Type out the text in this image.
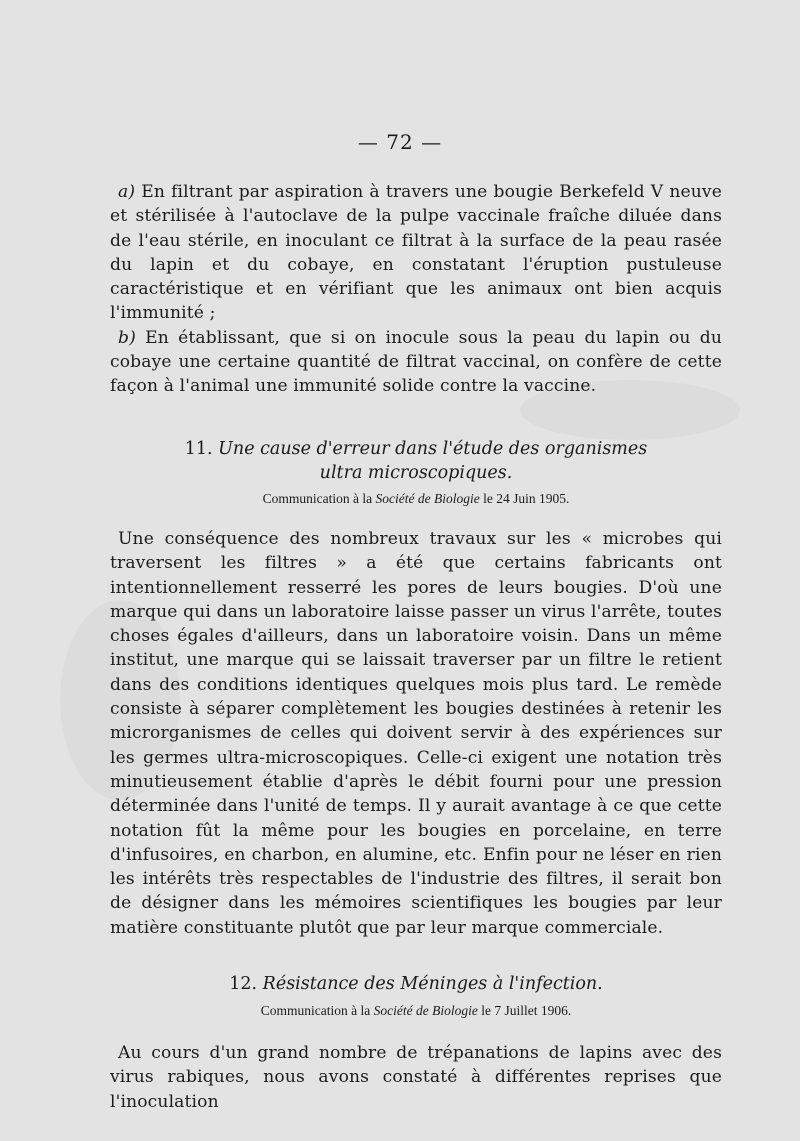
— 72 —

a) En filtrant par aspiration à travers une bougie Berkefeld V neuve et stérilisée à l'autoclave de la pulpe vaccinale fraîche diluée dans de l'eau stérile, en inoculant ce filtrat à la surface de la peau rasée du lapin et du cobaye, en constatant l'éruption pustuleuse caractéristique et en vérifiant que les animaux ont bien acquis l'immunité ;

b) En établissant, que si on inocule sous la peau du lapin ou du cobaye une certaine quantité de filtrat vaccinal, on confère de cette façon à l'animal une immunité solide contre la vaccine.

11. Une cause d'erreur dans l'étude des organismes
ultra microscopiques.
Communication à la Société de Biologie le 24 Juin 1905.

Une conséquence des nombreux travaux sur les « microbes qui traversent les filtres » a été que certains fabricants ont intentionnellement resserré les pores de leurs bougies. D'où une marque qui dans un laboratoire laisse passer un virus l'arrête, toutes choses égales d'ailleurs, dans un laboratoire voisin. Dans un même institut, une marque qui se laissait traverser par un filtre le retient dans des conditions identiques quelques mois plus tard. Le remède consiste à séparer complètement les bougies destinées à retenir les microrganismes de celles qui doivent servir à des expériences sur les germes ultra-microscopiques. Celle-ci exigent une notation très minutieusement établie d'après le débit fourni pour une pression déterminée dans l'unité de temps. Il y aurait avantage à ce que cette notation fût la même pour les bougies en porcelaine, en terre d'infusoires, en charbon, en alumine, etc. Enfin pour ne léser en rien les intérêts très respectables de l'industrie des filtres, il serait bon de désigner dans les mémoires scientifiques les bougies par leur matière constituante plutôt que par leur marque commerciale.

12. Résistance des Méninges à l'infection.
Communication à la Société de Biologie le 7 Juillet 1906.

Au cours d'un grand nombre de trépanations de lapins avec des virus rabiques, nous avons constaté à différentes reprises que l'inoculation
